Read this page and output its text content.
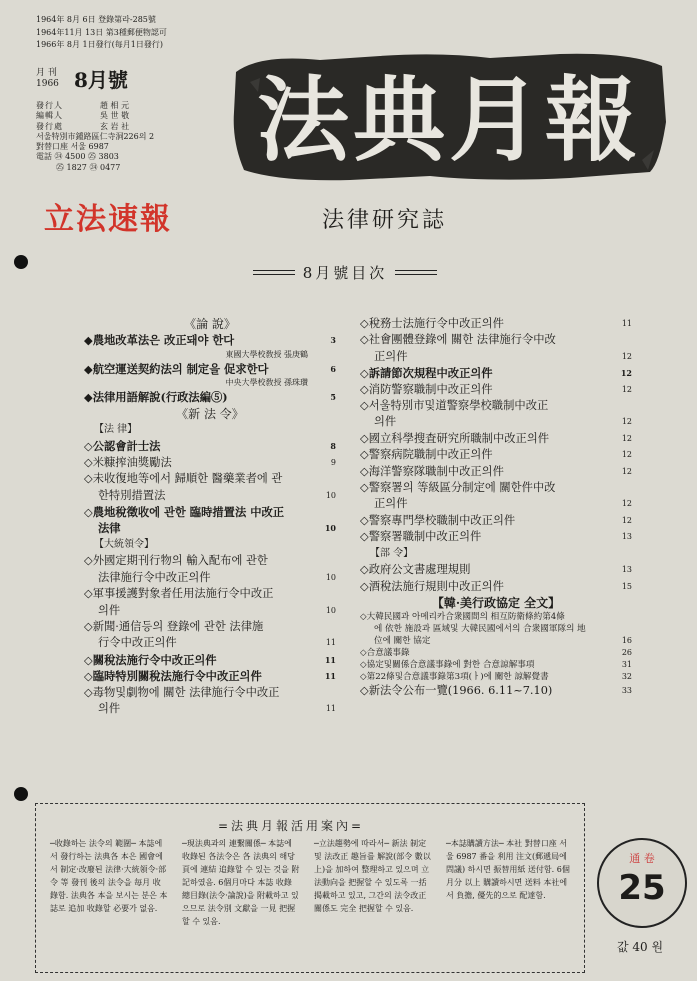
1964年 8月 6日 登錄第라-285號
1964年11月 13日 第3種郵便物認可
1966年 8月 1日發行(每月1日發行)
月 刊
1966 8月號
發行人	趙 相 元
編輯人	吳 世 敬
發行處	玄 岩 社
서울特別市鍾路區仁寺洞226의 2
對替口座 서울 6987
電話 ㉔ 4500 ㉕ 3803
㉕ 1827 ㉔ 0477 法典月報
立法速報	法律研究誌
8月號目次
《論 說》
◆農地改革法은 改正돼야 한다	3
東國大學校敎授 張庚鶴
◆航空運送契約法의 制定을 促求한다	6
中央大學校敎授 孫珠瓚
◆法律用語解說(行政法編⑤)	5
《新 法 令》
【法 律】
◇公認會計士法	8
◇米糠搾油獎勵法	9
◇未收復地等에서 歸順한 醫藥業者에 관
한特別措置法	10
◇農地稅徵收에 관한 臨時措置法 中改正
法律	10
【大統領令】
◇外國定期刊行物의 輸入配布에 관한
法律施行令中改正의件	10
◇軍事援護對象者任用法施行令中改正
의件	10
◇新聞·通信등의 登錄에 관한 法律施
行令中改正의件	11
◇關稅法施行令中改正의件	11
◇臨時特別關稅法施行令中改正의件	11
◇毒物및劇物에 關한 法律施行令中改正
의件	11
◇稅務士法施行令中改正의件	11
◇社會團體登錄에 關한 法律施行令中改
正의件	12
◇訴請節次規程中改正의件	12
◇消防警察職制中改正의件	12
◇서울特別市및道警察學校職制中改正
의件	12
◇國立科學搜査研究所職制中改正의件	12
◇警察病院職制中改正의件	12
◇海洋警察隊職制中改正의件	12
◇警察署의 等級區分制定에 關한件中改
正의件	12
◇警察專門學校職制中改正의件	12
◇警察署職制中改正의件	13
【部 令】
◇政府公文書處理規則	13
◇酒稅法施行規則中改正의件	15
【韓·美行政協定 全文】
◇大韓民國과 아메리카合衆國間의 相互防衛條約第4條
에 依한 施設과 區域및 大韓民國에서의 合衆國軍隊의 地
位에 關한 協定	16
◇合意議事錄	26
◇協定및關係合意議事錄에 對한 合意諒解事項	31
◇第22條및合意議事錄第3項(ㅏ)에 關한 諒解覺書	32
◇新法令公布一覽(1966. 6.11~7.10)	33
=法典月報活用案內=
─收錄하는 法令의 範圍─ 本誌에서 發行하는 法典各 本은 國會에서 制定·改廢된 法律·大統領令·部令 等 發刊 後의 法令을 毎月 收錄함. 法典各 本을 보시는 분은 本誌로 追加 收錄할 必要가 없음.
─現法典과의 連繫關係─ 本誌에 收錄된 各法令은 各 法典의 해당 頁에 連結 追錄할 수 있는 것을 附記하였음. 6個月마다 本誌 收錄 總目錄(法令·論說)을 附載하고 있으므로 法令別 文獻을 一見 把握할 수 있음.
─立法趨勢에 따라서─ 新法 制定 및 法改正 趣旨를 解說(部令 數以上)을 加하여 整理하고 있으며 立法動向을 把握할 수 있도록 一括 揭載하고 있고, 그간의 法令改正 關係도 完全 把握할 수 있음.
─本誌購讀方法─ 本社 對替口座 서울 6987 番을 利用 注文(郵遞局에 問議) 하시면 振替用紙 送付함. 6個月分 以上 購讀하시면 送料 本社에서 負擔, 優先的으로 配達함.
通 卷
25
값 40 원
